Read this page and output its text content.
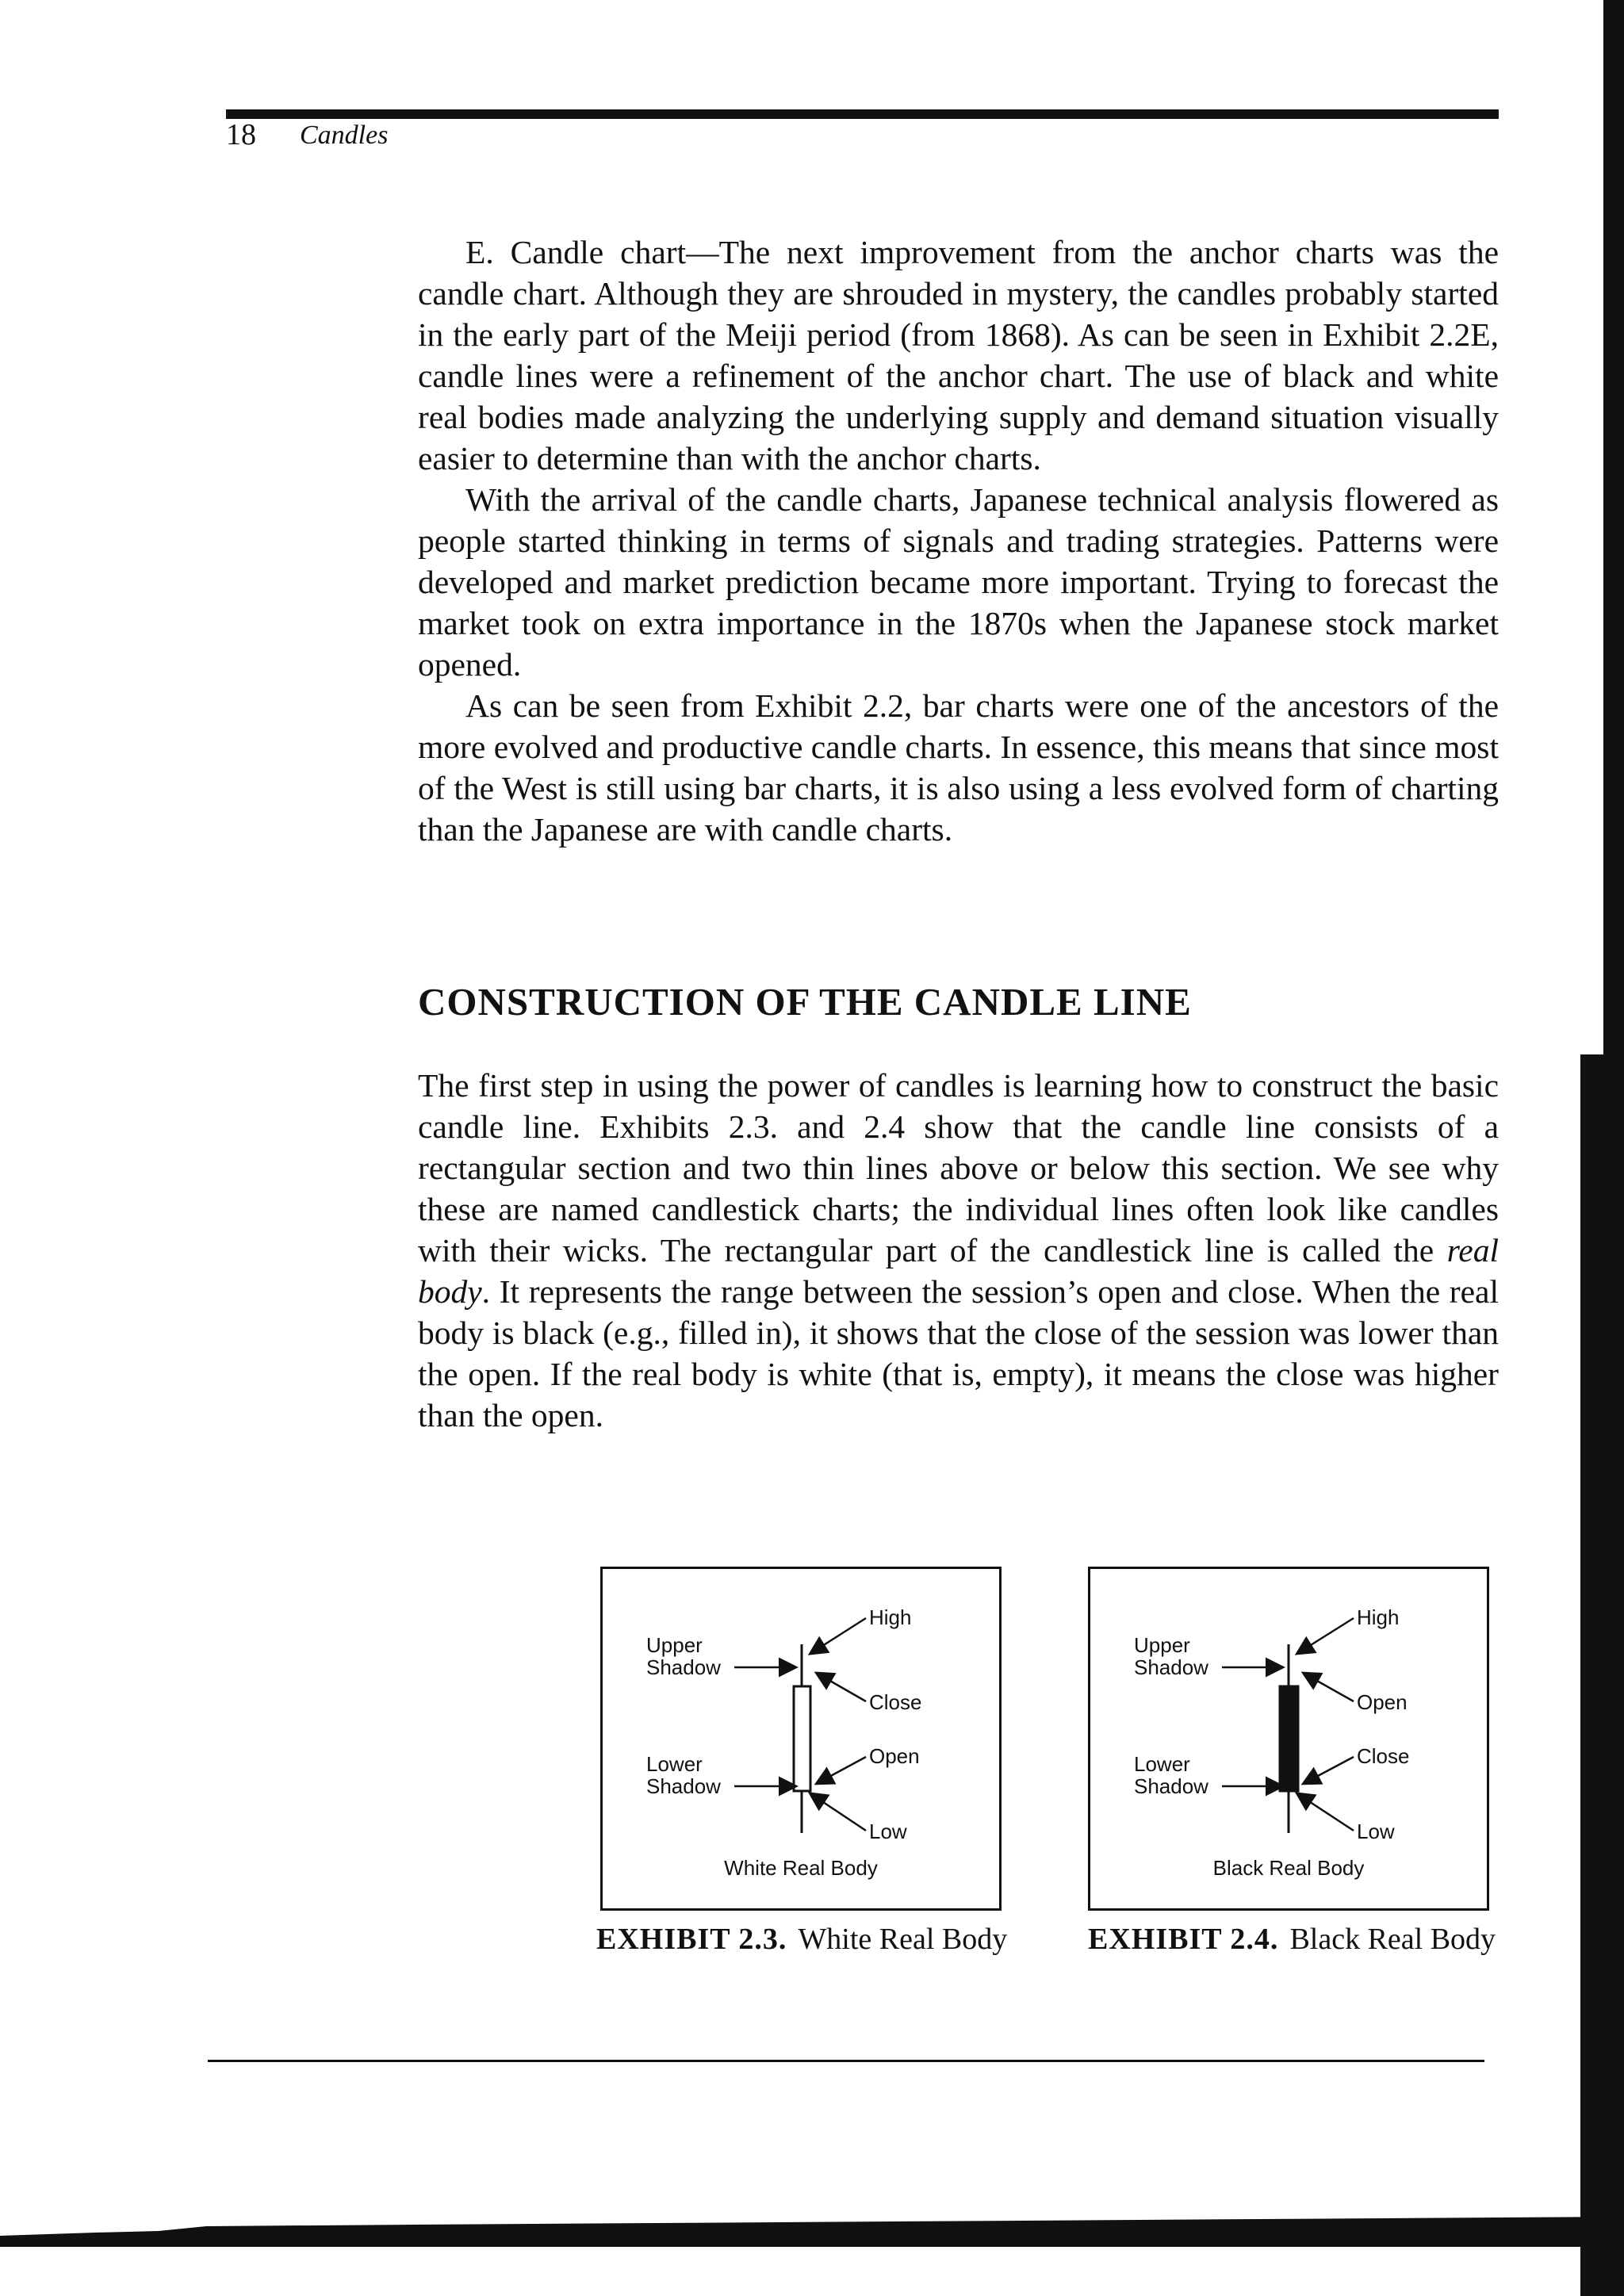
18 Candles

E. Candle chart—The next improvement from the anchor charts was the candle chart. Although they are shrouded in mystery, the candles probably started in the early part of the Meiji period (from 1868). As can be seen in Exhibit 2.2E, candle lines were a refinement of the anchor chart. The use of black and white real bodies made analyzing the underlying supply and demand situation visually easier to determine than with the anchor charts.

With the arrival of the candle charts, Japanese technical analysis flowered as people started thinking in terms of signals and trading strategies. Patterns were developed and market prediction became more important. Trying to forecast the market took on extra importance in the 1870s when the Japanese stock market opened.

As can be seen from Exhibit 2.2, bar charts were one of the ancestors of the more evolved and productive candle charts. In essence, this means that since most of the West is still using bar charts, it is also using a less evolved form of charting than the Japanese are with candle charts.

CONSTRUCTION OF THE CANDLE LINE

The first step in using the power of candles is learning how to construct the basic candle line. Exhibits 2.3. and 2.4 show that the candle line consists of a rectangular section and two thin lines above or below this section. We see why these are named candlestick charts; the individual lines often look like candles with their wicks. The rectangular part of the candlestick line is called the real body. It represents the range between the session’s open and close. When the real body is black (e.g., filled in), it shows that the close of the session was lower than the open. If the real body is white (that is, empty), it means the close was higher than the open.

Upper
Shadow
Lower
Shadow
High
Close
Open
Low
White Real Body
EXHIBIT 2.3. White Real Body
Upper
Shadow
Lower
Shadow
High
Open
Close
Low
Black Real Body
EXHIBIT 2.4. Black Real Body
